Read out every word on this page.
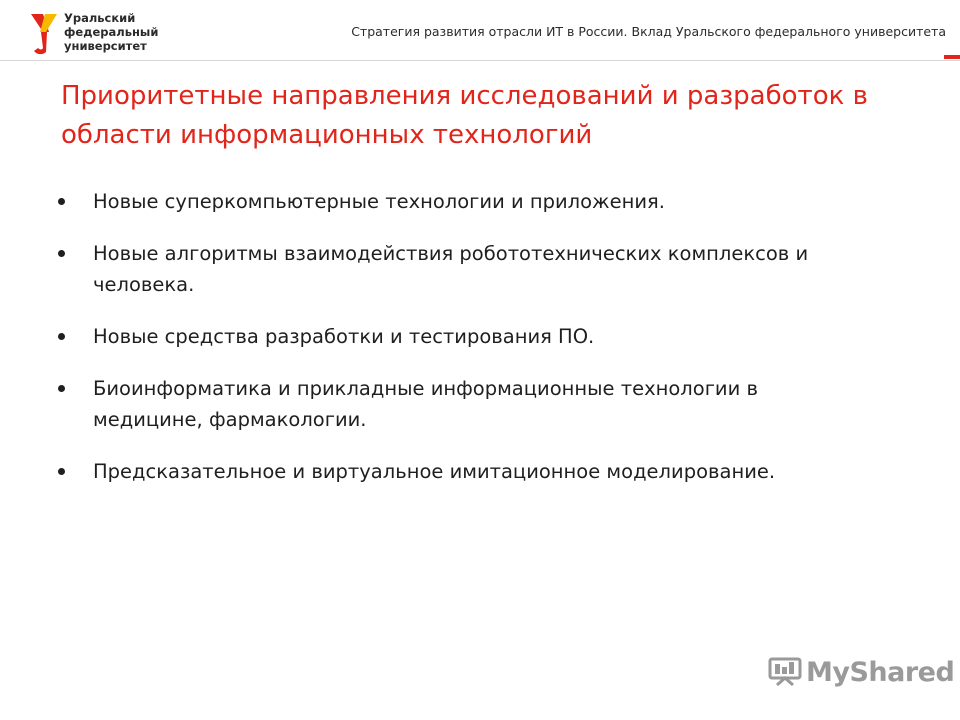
Уральский
федеральный
университет
Стратегия развития отрасли ИТ в России. Вклад Уральского федерального университета
Приоритетные направления исследований и разработок в области информационных технологий
Новые суперкомпьютерные технологии и приложения.
Новые алгоритмы взаимодействия робототехнических комплексов и человека.
Новые средства разработки и тестирования ПО.
Биоинформатика и прикладные информационные технологии в медицине, фармакологии.
Предсказательное и виртуальное имитационное моделирование.
MyShared
